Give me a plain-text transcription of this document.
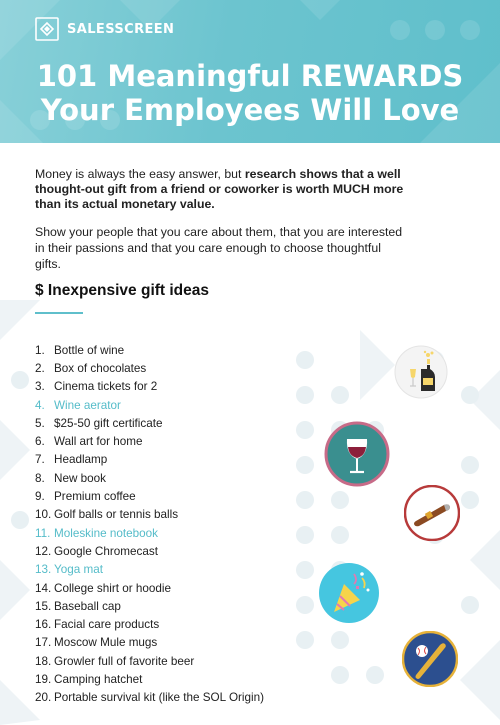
SALESSCREEN
101 Meaningful REWARDS
Your Employees Will Love

Money is always the easy answer, but research shows that a well thought-out gift from a friend or coworker is worth MUCH more than its actual monetary value.

Show your people that you care about them, that you are interested in their passions and that you care enough to choose thoughtful gifts.

$ Inexpensive gift ideas
1. Bottle of wine
2. Box of chocolates
3. Cinema tickets for 2
4. Wine aerator
5. $25-50 gift certificate
6. Wall art for home
7. Headlamp
8. New book
9. Premium coffee
10. Golf balls or tennis balls
11. Moleskine notebook
12. Google Chromecast
13. Yoga mat
14. College shirt or hoodie
15. Baseball cap
16. Facial care products
17. Moscow Mule mugs
18. Growler full of favorite beer
19. Camping hatchet
20. Portable survival kit (like the SOL Origin)
